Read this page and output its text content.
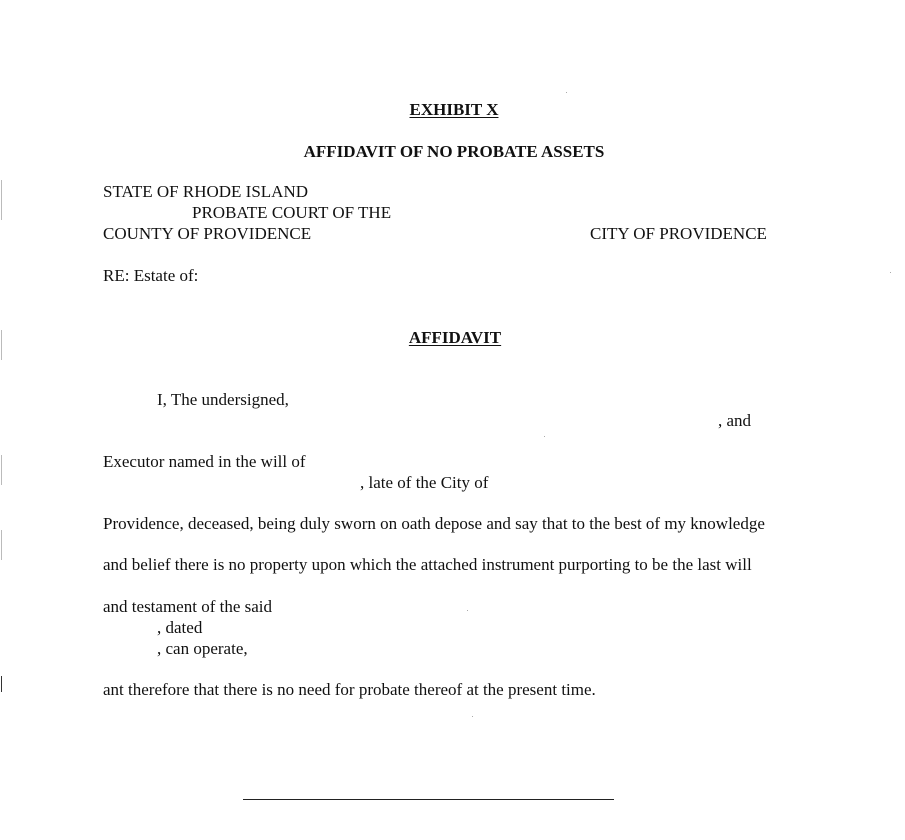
EXHIBIT X
AFFIDAVIT OF NO PROBATE ASSETS
STATE OF RHODE ISLAND
PROBATE COURT OF THE
COUNTY OF PROVIDENCE	CITY OF PROVIDENCE
RE: Estate of:
AFFIDAVIT
I, The undersigned,
, and
Executor named in the will of
, late of the City of
Providence, deceased, being duly sworn on oath depose and say that to the best of my knowledge
and belief there is no property upon which the attached instrument purporting to be the last will
and testament of the said
, dated
, can operate,
ant therefore that there is no need for probate thereof at the present time.
